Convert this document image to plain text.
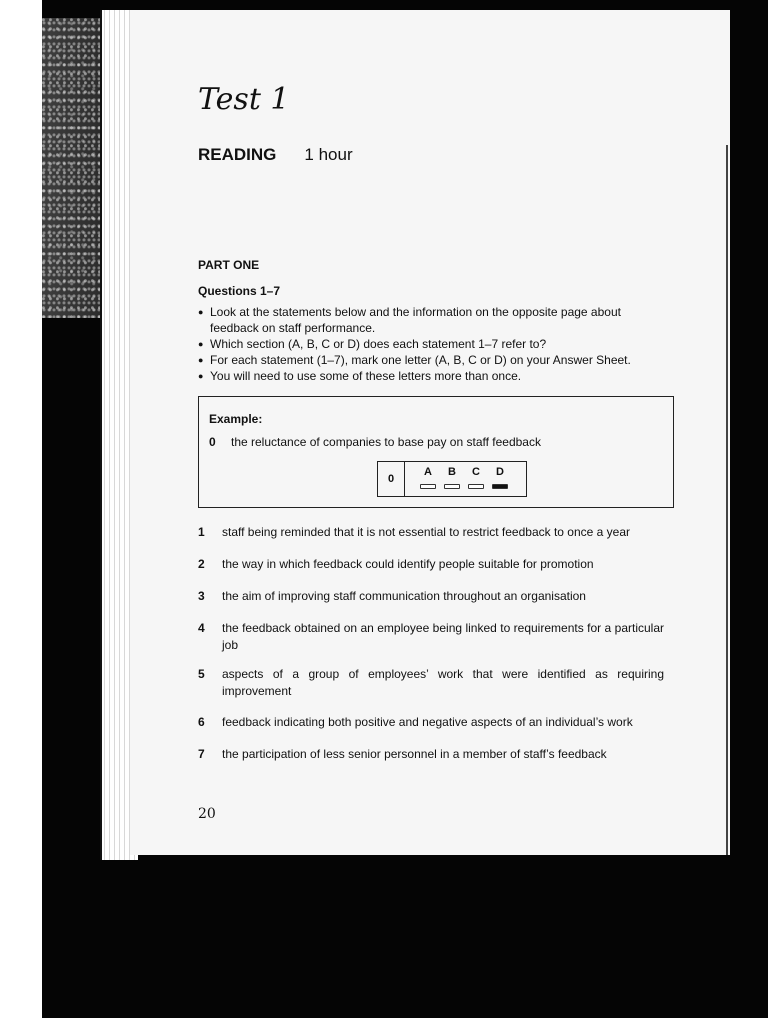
Test 1
READING 1 hour
PART ONE
Questions 1–7
● Look at the statements below and the information on the opposite page about feedback on staff performance.
● Which section (A, B, C or D) does each statement 1–7 refer to?
● For each statement (1–7), mark one letter (A, B, C or D) on your Answer Sheet.
● You will need to use some of these letters more than once.
Example:
0 the reluctance of companies to base pay on staff feedback
0
A	B	C	D
1 staff being reminded that it is not essential to restrict feedback to once a year
2 the way in which feedback could identify people suitable for promotion
3 the aim of improving staff communication throughout an organisation
4 the feedback obtained on an employee being linked to requirements for a particular job
5 aspects of a group of employees’ work that were identified as requiring improvement
6 feedback indicating both positive and negative aspects of an individual’s work
7 the participation of less senior personnel in a member of staff’s feedback
20
